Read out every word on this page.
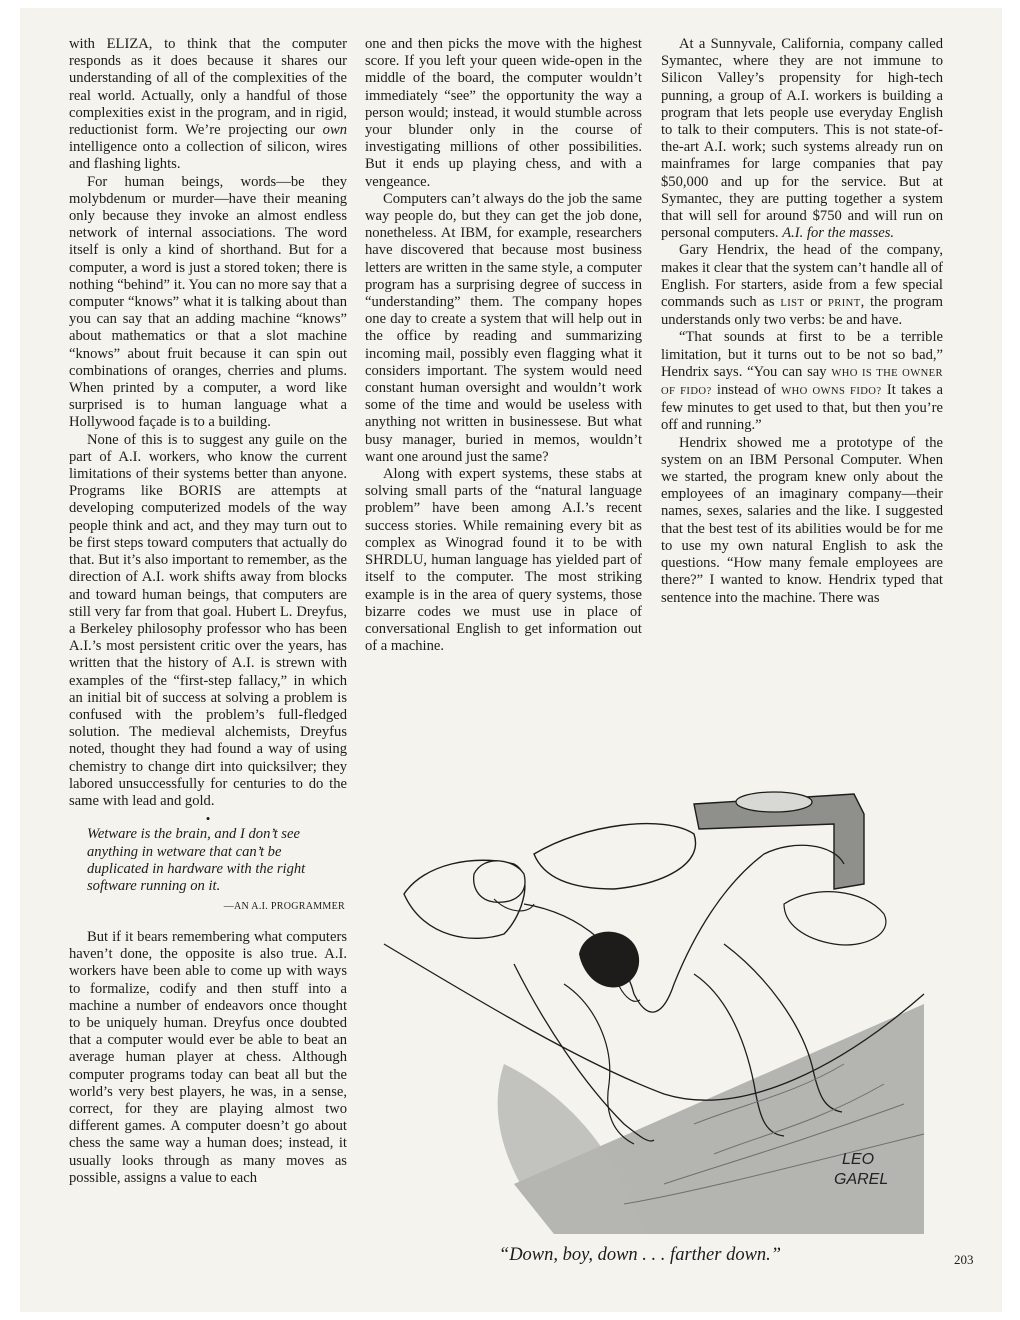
with ELIZA, to think that the computer responds as it does because it shares our understanding of all of the complexities of the real world. Actually, only a handful of those complexities exist in the program, and in rigid, reductionist form. We’re projecting our own intelligence onto a collection of silicon, wires and flashing lights.

For human beings, words—be they molybdenum or murder—have their meaning only because they invoke an almost endless network of internal associations. The word itself is only a kind of shorthand. But for a computer, a word is just a stored token; there is nothing “behind” it. You can no more say that a computer “knows” what it is talking about than you can say that an adding machine “knows” about mathematics or that a slot machine “knows” about fruit because it can spin out combinations of oranges, cherries and plums. When printed by a computer, a word like surprised is to human language what a Hollywood façade is to a building.

None of this is to suggest any guile on the part of A.I. workers, who know the current limitations of their systems better than anyone. Programs like BORIS are attempts at developing computerized models of the way people think and act, and they may turn out to be first steps toward computers that actually do that. But it’s also important to remember, as the direction of A.I. work shifts away from blocks and toward human beings, that computers are still very far from that goal. Hubert L. Dreyfus, a Berkeley philosophy professor who has been A.I.’s most persistent critic over the years, has written that the history of A.I. is strewn with examples of the “first-step fallacy,” in which an initial bit of success at solving a problem is confused with the problem’s full-fledged solution. The medieval alchemists, Dreyfus noted, thought they had found a way of using chemistry to change dirt into quicksilver; they labored unsuccessfully for centuries to do the same with lead and gold.

•
Wetware is the brain, and I don’t see anything in wetware that can’t be duplicated in hardware with the right software running on it.
—AN A.I. PROGRAMMER

But if it bears remembering what computers haven’t done, the opposite is also true. A.I. workers have been able to come up with ways to formalize, codify and then stuff into a machine a number of endeavors once thought to be uniquely human. Dreyfus once doubted that a computer would ever be able to beat an average human player at chess. Although computer programs today can beat all but the world’s very best players, he was, in a sense, correct, for they are playing almost two different games. A computer doesn’t go about chess the same way a human does; instead, it usually looks through as many moves as possible, assigns a value to each

one and then picks the move with the highest score. If you left your queen wide-open in the middle of the board, the computer wouldn’t immediately “see” the opportunity the way a person would; instead, it would stumble across your blunder only in the course of investigating millions of other possibilities. But it ends up playing chess, and with a vengeance.

Computers can’t always do the job the same way people do, but they can get the job done, nonetheless. At IBM, for example, researchers have discovered that because most business letters are written in the same style, a computer program has a surprising degree of success in “understanding” them. The company hopes one day to create a system that will help out in the office by reading and summarizing incoming mail, possibly even flagging what it considers important. The system would need constant human oversight and wouldn’t work some of the time and would be useless with anything not written in businessese. But what busy manager, buried in memos, wouldn’t want one around just the same?

Along with expert systems, these stabs at solving small parts of the “natural language problem” have been among A.I.’s recent success stories. While remaining every bit as complex as Winograd found it to be with SHRDLU, human language has yielded part of itself to the computer. The most striking example is in the area of query systems, those bizarre codes we must use in place of conversational English to get information out of a machine.

At a Sunnyvale, California, company called Symantec, where they are not immune to Silicon Valley’s propensity for high-tech punning, a group of A.I. workers is building a program that lets people use everyday English to talk to their computers. This is not state-of-the-art A.I. work; such systems already run on mainframes for large companies that pay $50,000 and up for the service. But at Symantec, they are putting together a system that will sell for around $750 and will run on personal computers. A.I. for the masses.

Gary Hendrix, the head of the company, makes it clear that the system can’t handle all of English. For starters, aside from a few special commands such as LIST or PRINT, the program understands only two verbs: be and have.

“That sounds at first to be a terrible limitation, but it turns out to be not so bad,” Hendrix says. “You can say WHO IS THE OWNER OF FIDO? instead of WHO OWNS FIDO? It takes a few minutes to get used to that, but then you’re off and running.”

Hendrix showed me a prototype of the system on an IBM Personal Computer. When we started, the program knew only about the employees of an imaginary company—their names, sexes, salaries and the like. I suggested that the best test of its abilities would be for me to use my own natural English to ask the questions. “How many female employees are there?” I wanted to know. Hendrix typed that sentence into the machine. There was

LEO
GAREL
“Down, boy, down . . . farther down.”	203
